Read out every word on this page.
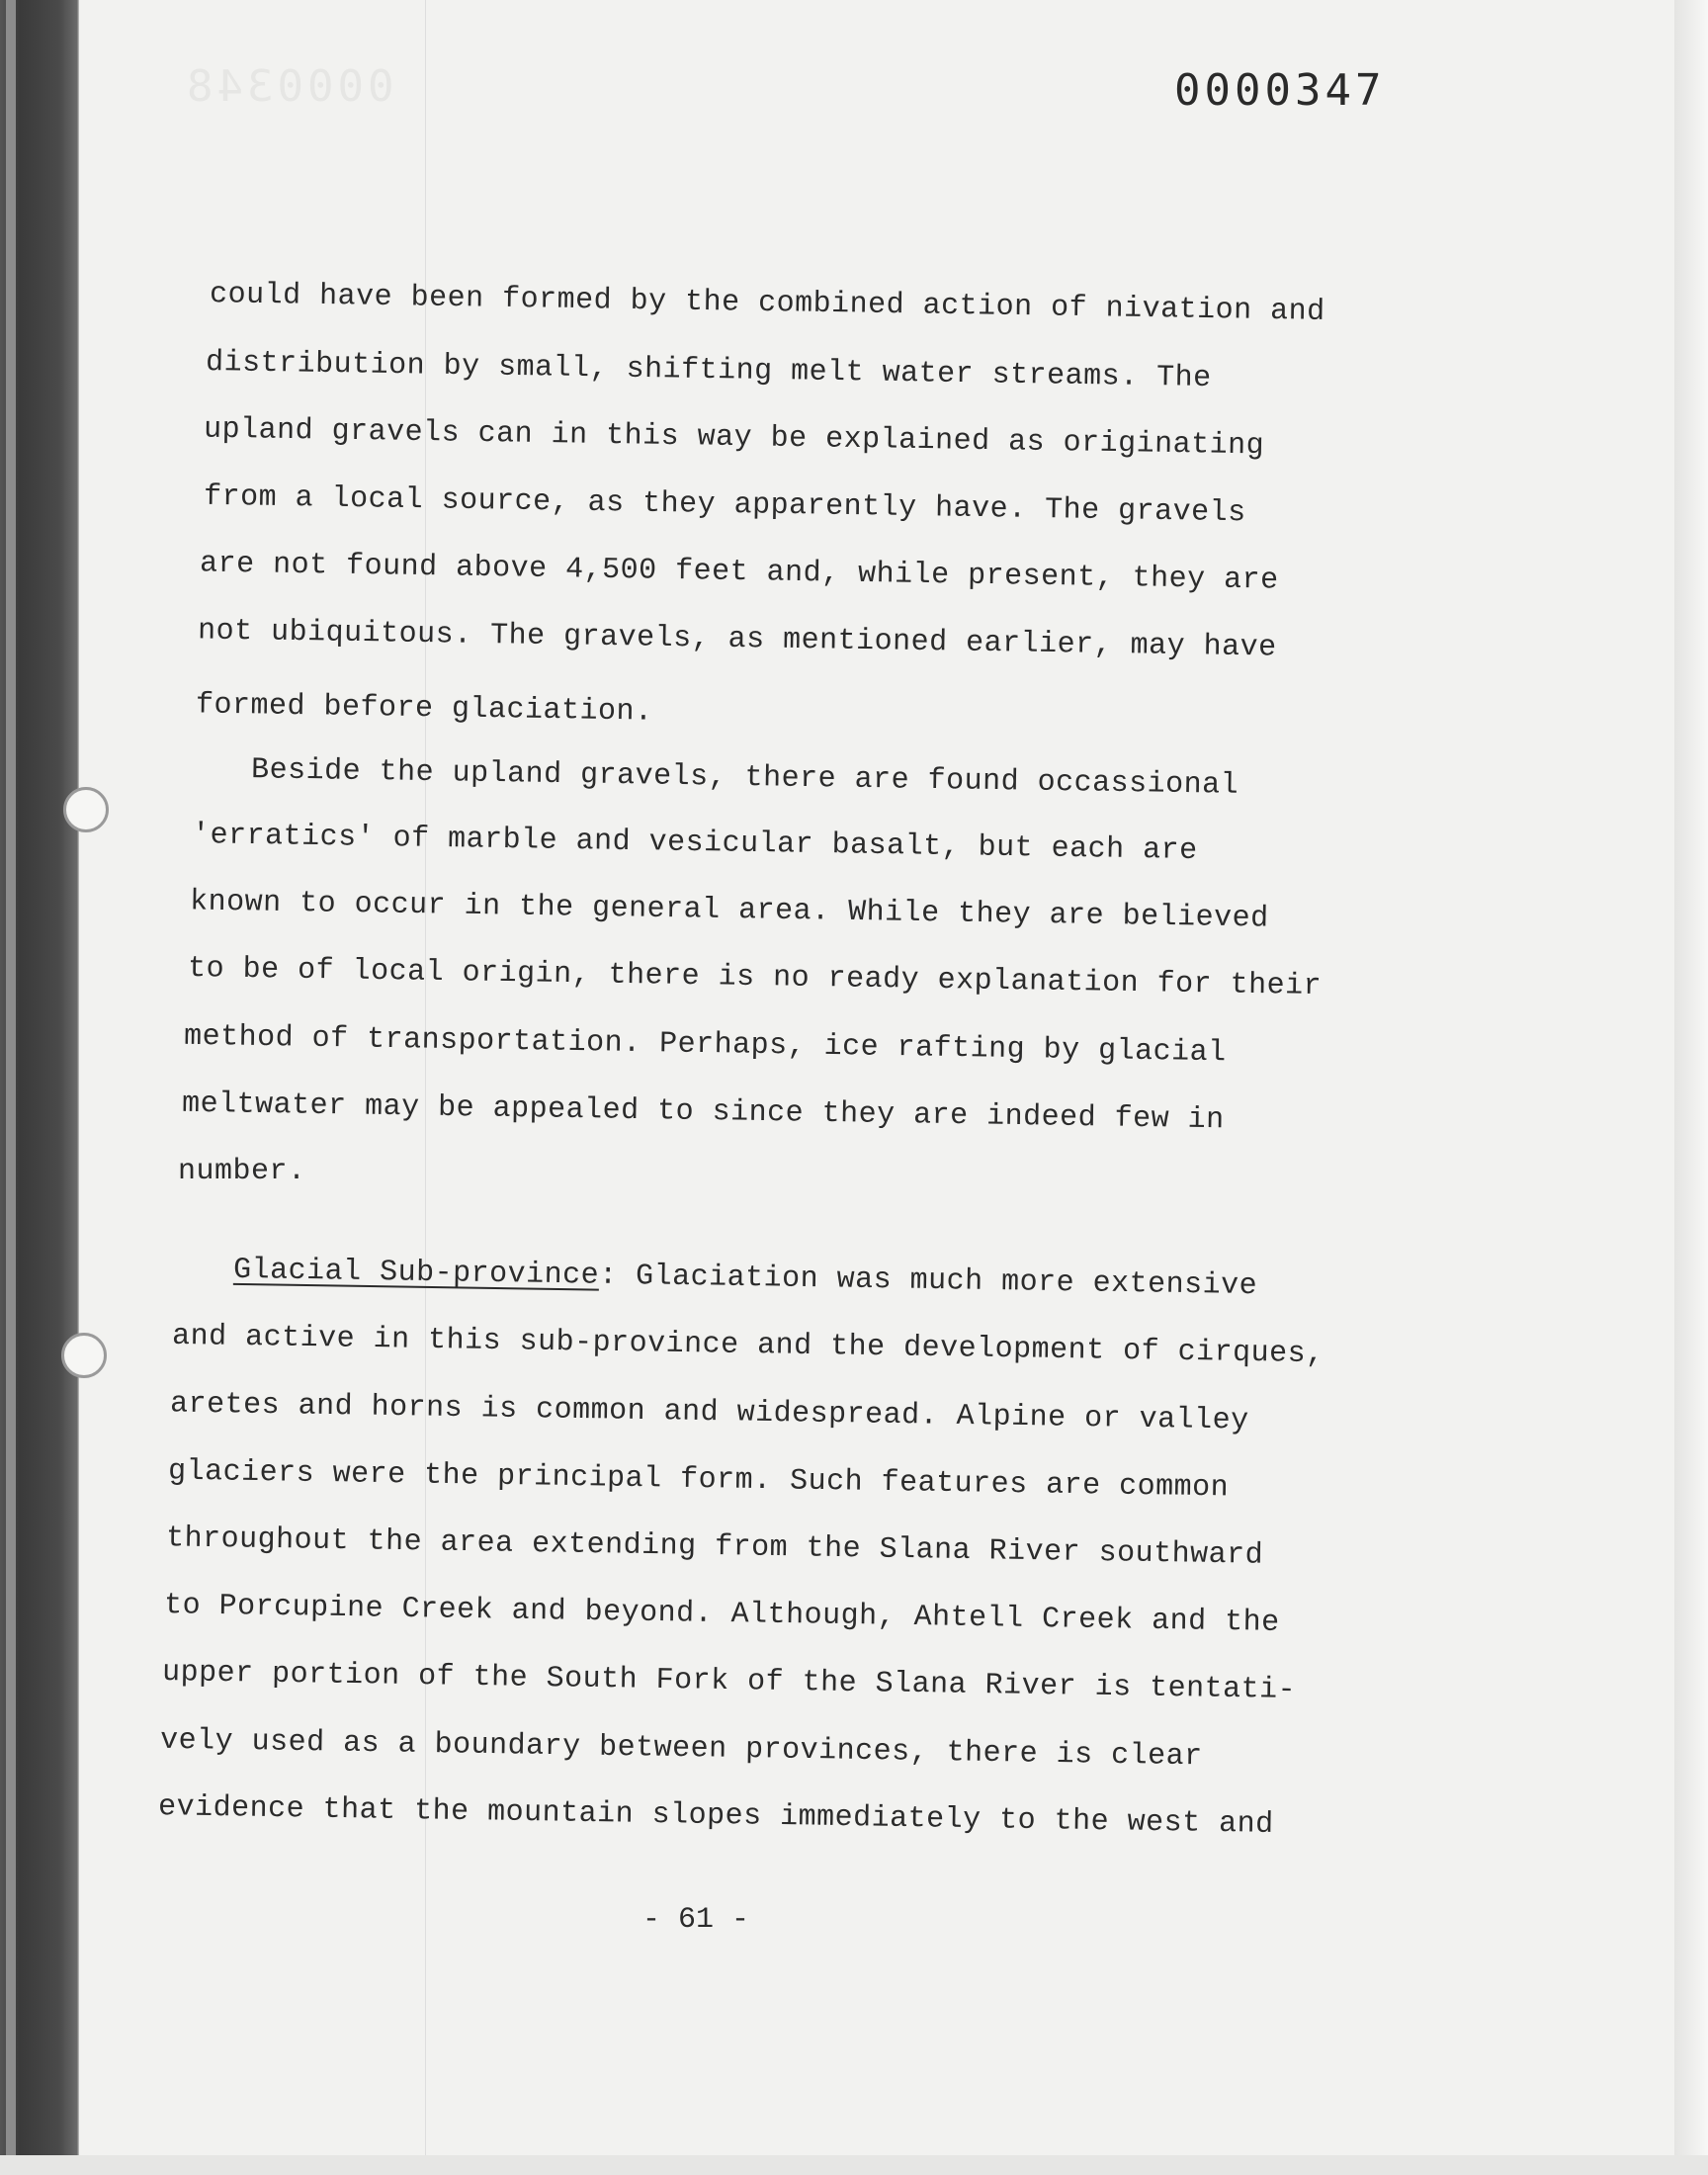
0000348	0000347
could have been formed by the combined action of nivation and
distribution by small, shifting melt water streams. The
upland gravels can in this way be explained as originating
from a local source, as they apparently have. The gravels
are not found above 4,500 feet and, while present, they are
not ubiquitous. The gravels, as mentioned earlier, may have
formed before glaciation.
Beside the upland gravels, there are found occassional
'erratics' of marble and vesicular basalt, but each are
known to occur in the general area. While they are believed
to be of local origin, there is no ready explanation for their
method of transportation. Perhaps, ice rafting by glacial
meltwater may be appealed to since they are indeed few in
number.
Glacial Sub-province: Glaciation was much more extensive
and active in this sub-province and the development of cirques,
aretes and horns is common and widespread. Alpine or valley
glaciers were the principal form. Such features are common
throughout the area extending from the Slana River southward
to Porcupine Creek and beyond. Although, Ahtell Creek and the
upper portion of the South Fork of the Slana River is tentati-
vely used as a boundary between provinces, there is clear
evidence that the mountain slopes immediately to the west and
- 61 -
